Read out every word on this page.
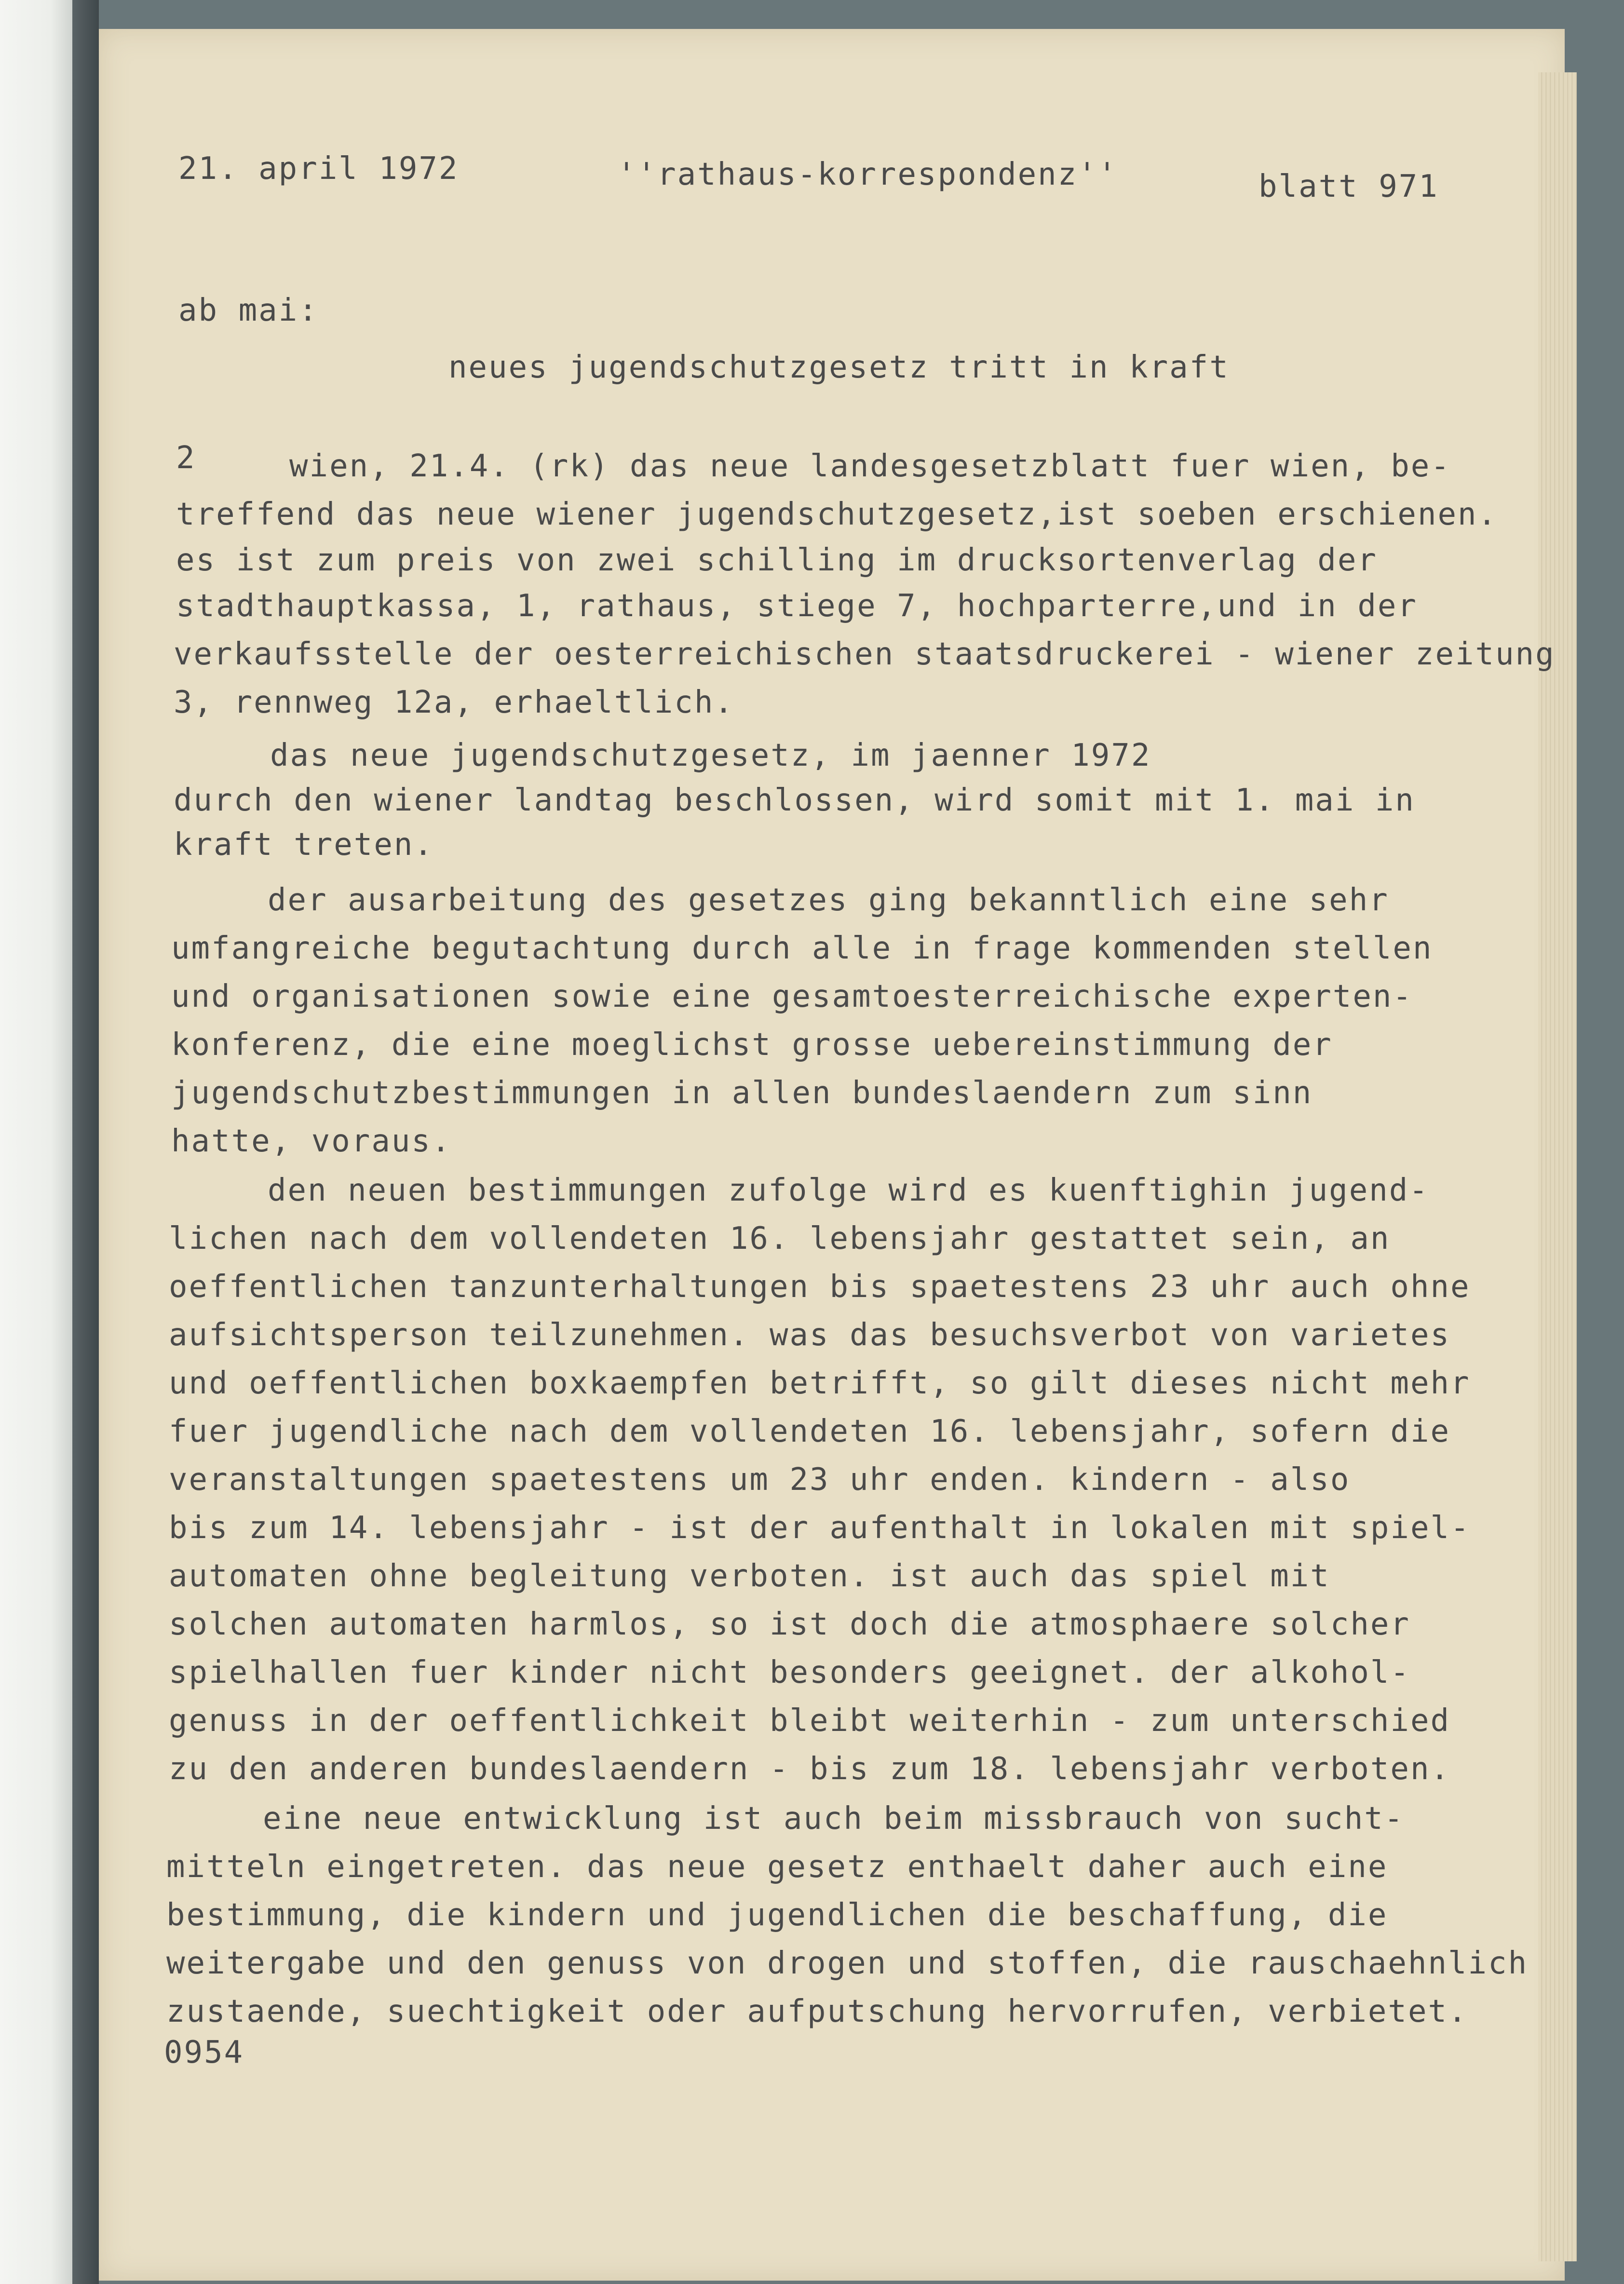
21. april 1972	''rathaus-korrespondenz''	blatt 971
ab mai:
neues jugendschutzgesetz tritt in kraft
2	wien, 21.4. (rk) das neue landesgesetzblatt fuer wien, be-
treffend das neue wiener jugendschutzgesetz,ist soeben erschienen.
es ist zum preis von zwei schilling im drucksortenverlag der
stadthauptkassa, 1, rathaus, stiege 7, hochparterre,und in der
verkaufsstelle der oesterreichischen staatsdruckerei - wiener zeitung
3, rennweg 12a, erhaeltlich.
das neue jugendschutzgesetz, im jaenner 1972
durch den wiener landtag beschlossen, wird somit mit 1. mai in
kraft treten.
der ausarbeitung des gesetzes ging bekanntlich eine sehr
umfangreiche begutachtung durch alle in frage kommenden stellen
und organisationen sowie eine gesamtoesterreichische experten-
konferenz, die eine moeglichst grosse uebereinstimmung der
jugendschutzbestimmungen in allen bundeslaendern zum sinn
hatte, voraus.
den neuen bestimmungen zufolge wird es kuenftighin jugend-
lichen nach dem vollendeten 16. lebensjahr gestattet sein, an
oeffentlichen tanzunterhaltungen bis spaetestens 23 uhr auch ohne
aufsichtsperson teilzunehmen. was das besuchsverbot von varietes
und oeffentlichen boxkaempfen betrifft, so gilt dieses nicht mehr
fuer jugendliche nach dem vollendeten 16. lebensjahr, sofern die
veranstaltungen spaetestens um 23 uhr enden. kindern - also
bis zum 14. lebensjahr - ist der aufenthalt in lokalen mit spiel-
automaten ohne begleitung verboten. ist auch das spiel mit
solchen automaten harmlos, so ist doch die atmosphaere solcher
spielhallen fuer kinder nicht besonders geeignet. der alkohol-
genuss in der oeffentlichkeit bleibt weiterhin - zum unterschied
zu den anderen bundeslaendern - bis zum 18. lebensjahr verboten.
eine neue entwicklung ist auch beim missbrauch von sucht-
mitteln eingetreten. das neue gesetz enthaelt daher auch eine
bestimmung, die kindern und jugendlichen die beschaffung, die
weitergabe und den genuss von drogen und stoffen, die rauschaehnlich
zustaende, suechtigkeit oder aufputschung hervorrufen, verbietet.
0954
